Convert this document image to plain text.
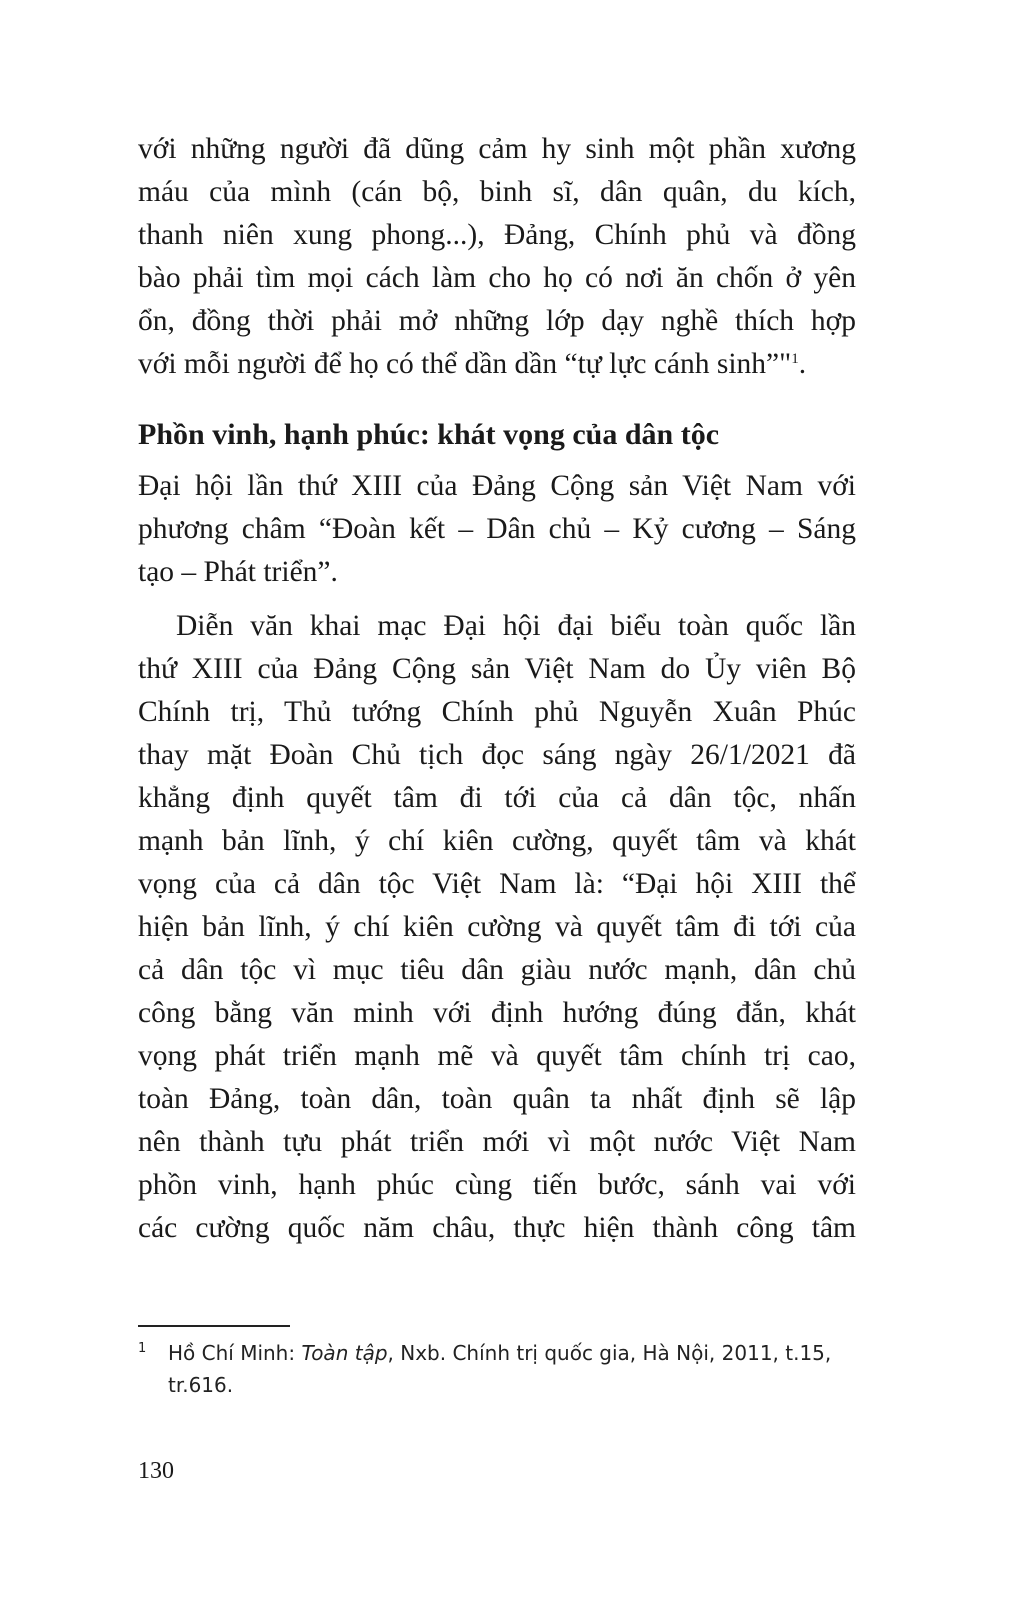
với những người đã dũng cảm hy sinh một phần xương
máu của mình (cán bộ, binh sĩ, dân quân, du kích,
thanh niên xung phong...), Đảng, Chính phủ và đồng
bào phải tìm mọi cách làm cho họ có nơi ăn chốn ở yên
ổn, đồng thời phải mở những lớp dạy nghề thích hợp
với mỗi người để họ có thể dần dần “tự lực cánh sinh”"$^1$.
Phồn vinh, hạnh phúc: khát vọng của dân tộc
Đại hội lần thứ XIII của Đảng Cộng sản Việt Nam với
phương châm “Đoàn kết – Dân chủ – Kỷ cương – Sáng
tạo – Phát triển”.
Diễn văn khai mạc Đại hội đại biểu toàn quốc lần
thứ XIII của Đảng Cộng sản Việt Nam do Ủy viên Bộ
Chính trị, Thủ tướng Chính phủ Nguyễn Xuân Phúc
thay mặt Đoàn Chủ tịch đọc sáng ngày 26/1/2021 đã
khẳng định quyết tâm đi tới của cả dân tộc, nhấn
mạnh bản lĩnh, ý chí kiên cường, quyết tâm và khát
vọng của cả dân tộc Việt Nam là: “Đại hội XIII thể
hiện bản lĩnh, ý chí kiên cường và quyết tâm đi tới của
cả dân tộc vì mục tiêu dân giàu nước mạnh, dân chủ
công bằng văn minh với định hướng đúng đắn, khát
vọng phát triển mạnh mẽ và quyết tâm chính trị cao,
toàn Đảng, toàn dân, toàn quân ta nhất định sẽ lập
nên thành tựu phát triển mới vì một nước Việt Nam
phồn vinh, hạnh phúc cùng tiến bước, sánh vai với
các cường quốc năm châu, thực hiện thành công tâm
1	Hồ Chí Minh: Toàn tập, Nxb. Chính trị quốc gia, Hà Nội, 2011, t.15,
tr.616.
130
